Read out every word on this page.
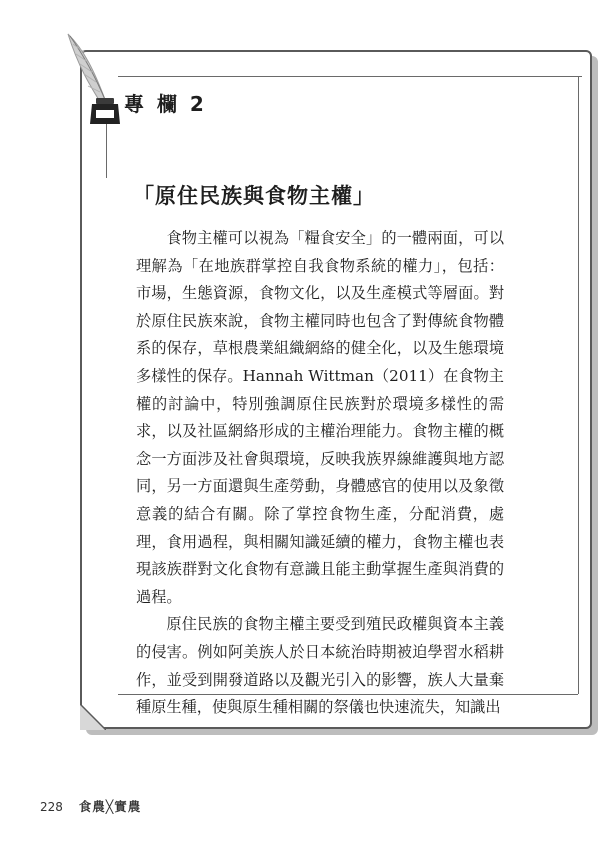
專 欄 2
「原住民族與食物主權」

食物主權可以視為「糧食安全」的一體兩面，可以理解為「在地族群掌控自我食物系統的權力」，包括：市場，生態資源，食物文化，以及生產模式等層面。對於原住民族來說，食物主權同時也包含了對傳統食物體系的保存，草根農業組織網絡的健全化，以及生態環境多樣性的保存。Hannah Wittman（2011）在食物主權的討論中，特別強調原住民族對於環境多樣性的需求，以及社區網絡形成的主權治理能力。食物主權的概念一方面涉及社會與環境，反映我族界線維護與地方認同，另一方面還與生產勞動，身體感官的使用以及象徵意義的結合有關。除了掌控食物生產，分配消費，處理，食用過程，與相關知識延續的權力，食物主權也表現該族群對文化食物有意識且能主動掌握生產與消費的過程。

原住民族的食物主權主要受到殖民政權與資本主義的侵害。例如阿美族人於日本統治時期被迫學習水稻耕作，並受到開發道路以及觀光引入的影響，族人大量棄種原生種，使與原生種相關的祭儀也快速流失，知識出

228 食農╳實農
